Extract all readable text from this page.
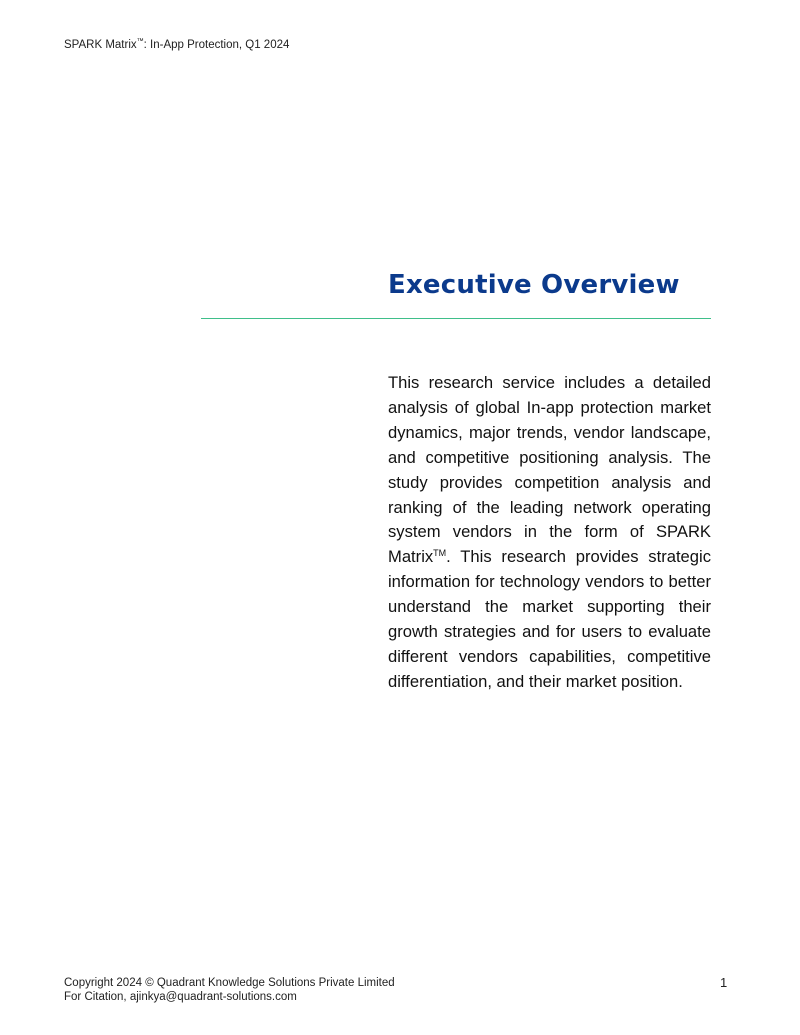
SPARK Matrix™: In-App Protection, Q1 2024
Executive Overview

This research service includes a detailed analysis of global In-app protection market dynamics, major trends, vendor landscape, and competitive positioning analysis. The study provides competition analysis and ranking of the leading network operating system vendors in the form of SPARK Matrix™. This research provides strategic information for technology vendors to better understand the market supporting their growth strategies and for users to evaluate different vendors capabilities, competitive differentiation, and their market position.

Copyright 2024 © Quadrant Knowledge Solutions Private Limited
For Citation, ajinkya@quadrant-solutions.com
1
